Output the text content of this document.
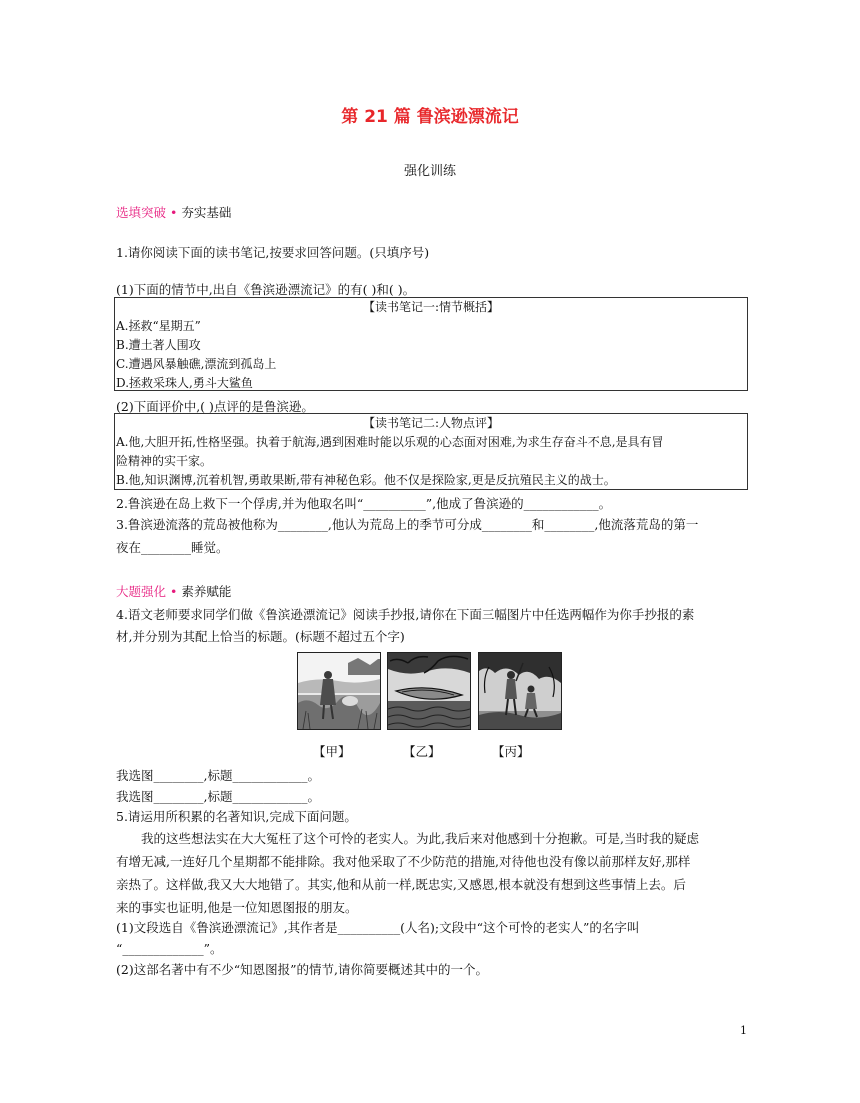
第 21 篇 鲁滨逊漂流记
强化训练
选填突破 • 夯实基础
1.请你阅读下面的读书笔记,按要求回答问题。(只填序号)
(1)下面的情节中,出自《鲁滨逊漂流记》的有( )和( )。
【读书笔记一:情节概括】
A.拯救“星期五”
B.遭土著人围攻
C.遭遇风暴触礁,漂流到孤岛上
D.拯救采珠人,勇斗大鲨鱼
(2)下面评价中,( )点评的是鲁滨逊。
【读书笔记二:人物点评】
A.他,大胆开拓,性格坚强。执着于航海,遇到困难时能以乐观的心态面对困难,为求生存奋斗不息,是具有冒
险精神的实干家。
B.他,知识渊博,沉着机智,勇敢果断,带有神秘色彩。他不仅是探险家,更是反抗殖民主义的战士。
2.鲁滨逊在岛上救下一个俘虏,并为他取名叫“__________”,他成了鲁滨逊的____________。
3.鲁滨逊流落的荒岛被他称为________,他认为荒岛上的季节可分成________和________,他流落荒岛的第一
夜在________睡觉。
大题强化 • 素养赋能
4.语文老师要求同学们做《鲁滨逊漂流记》阅读手抄报,请你在下面三幅图片中任选两幅作为你手抄报的素
材,并分别为其配上恰当的标题。(标题不超过五个字)
【甲】	【乙】	【丙】
我选图________,标题____________。
我选图________,标题____________。
5.请运用所积累的名著知识,完成下面问题。
我的这些想法实在大大冤枉了这个可怜的老实人。为此,我后来对他感到十分抱歉。可是,当时我的疑虑
有增无减,一连好几个星期都不能排除。我对他采取了不少防范的措施,对待他也没有像以前那样友好,那样
亲热了。这样做,我又大大地错了。其实,他和从前一样,既忠实,又感恩,根本就没有想到这些事情上去。后
来的事实也证明,他是一位知恩图报的朋友。
(1)文段选自《鲁滨逊漂流记》,其作者是__________(人名);文段中“这个可怜的老实人”的名字叫
“_____________”。
(2)这部名著中有不少“知恩图报”的情节,请你简要概述其中的一个。
1
